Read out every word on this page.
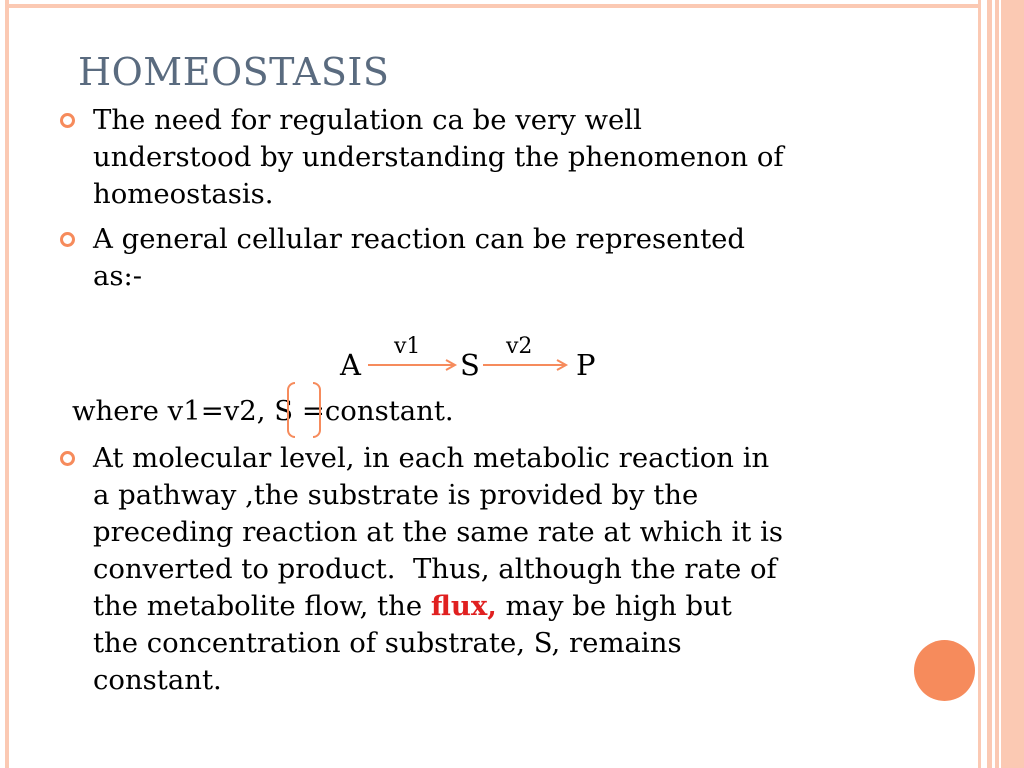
HOMEOSTASIS
The need for regulation ca be very well
understood by understanding the phenomenon of
homeostasis.
A general cellular reaction can be represented
as:-
A
v1
S
v2
P
where v1=v2, S =constant.
At molecular level, in each metabolic reaction in
a pathway ,the substrate is provided by the
preceding reaction at the same rate at which it is
converted to product.  Thus, although the rate of
the metabolite flow, the flux, may be high but
the concentration of substrate, S, remains
constant.
